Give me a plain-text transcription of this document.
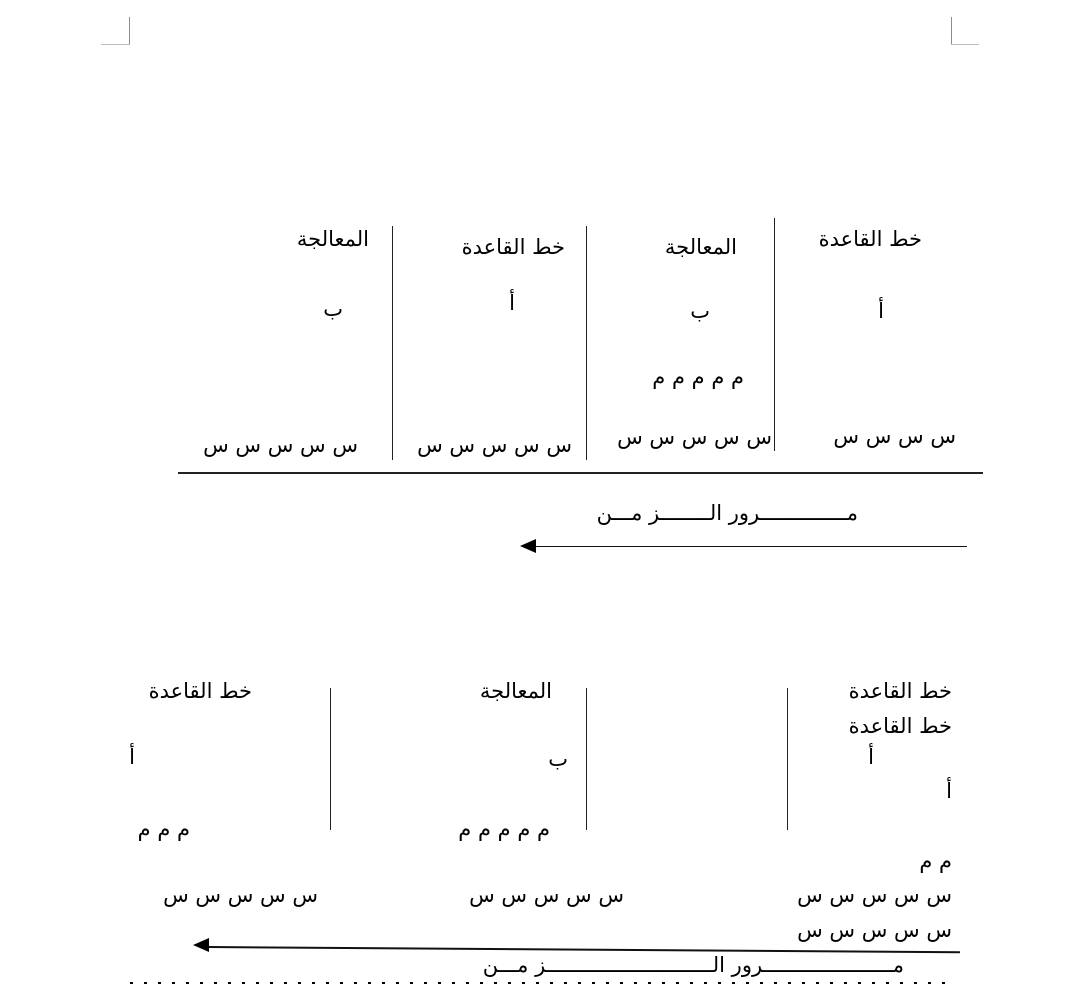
خط القاعدة
أ
س س س س
المعالجة
ب
م م م م م
س س س س س
خط القاعدة
أ
س س س س س
المعالجة
ب
س س س س س
مــــــــــــــرور الــــــــز مـــن
خط القاعدة
خط القاعدة
أ
أ
م م
س س س س س
س س س س س
المعالجة
ب
م م م م م
س س س س س
خط القاعدة
أ
م م م
س س س س س
مـــــــــــــــــــــرور الـــــــــــــــــــــــــــز مـــن
